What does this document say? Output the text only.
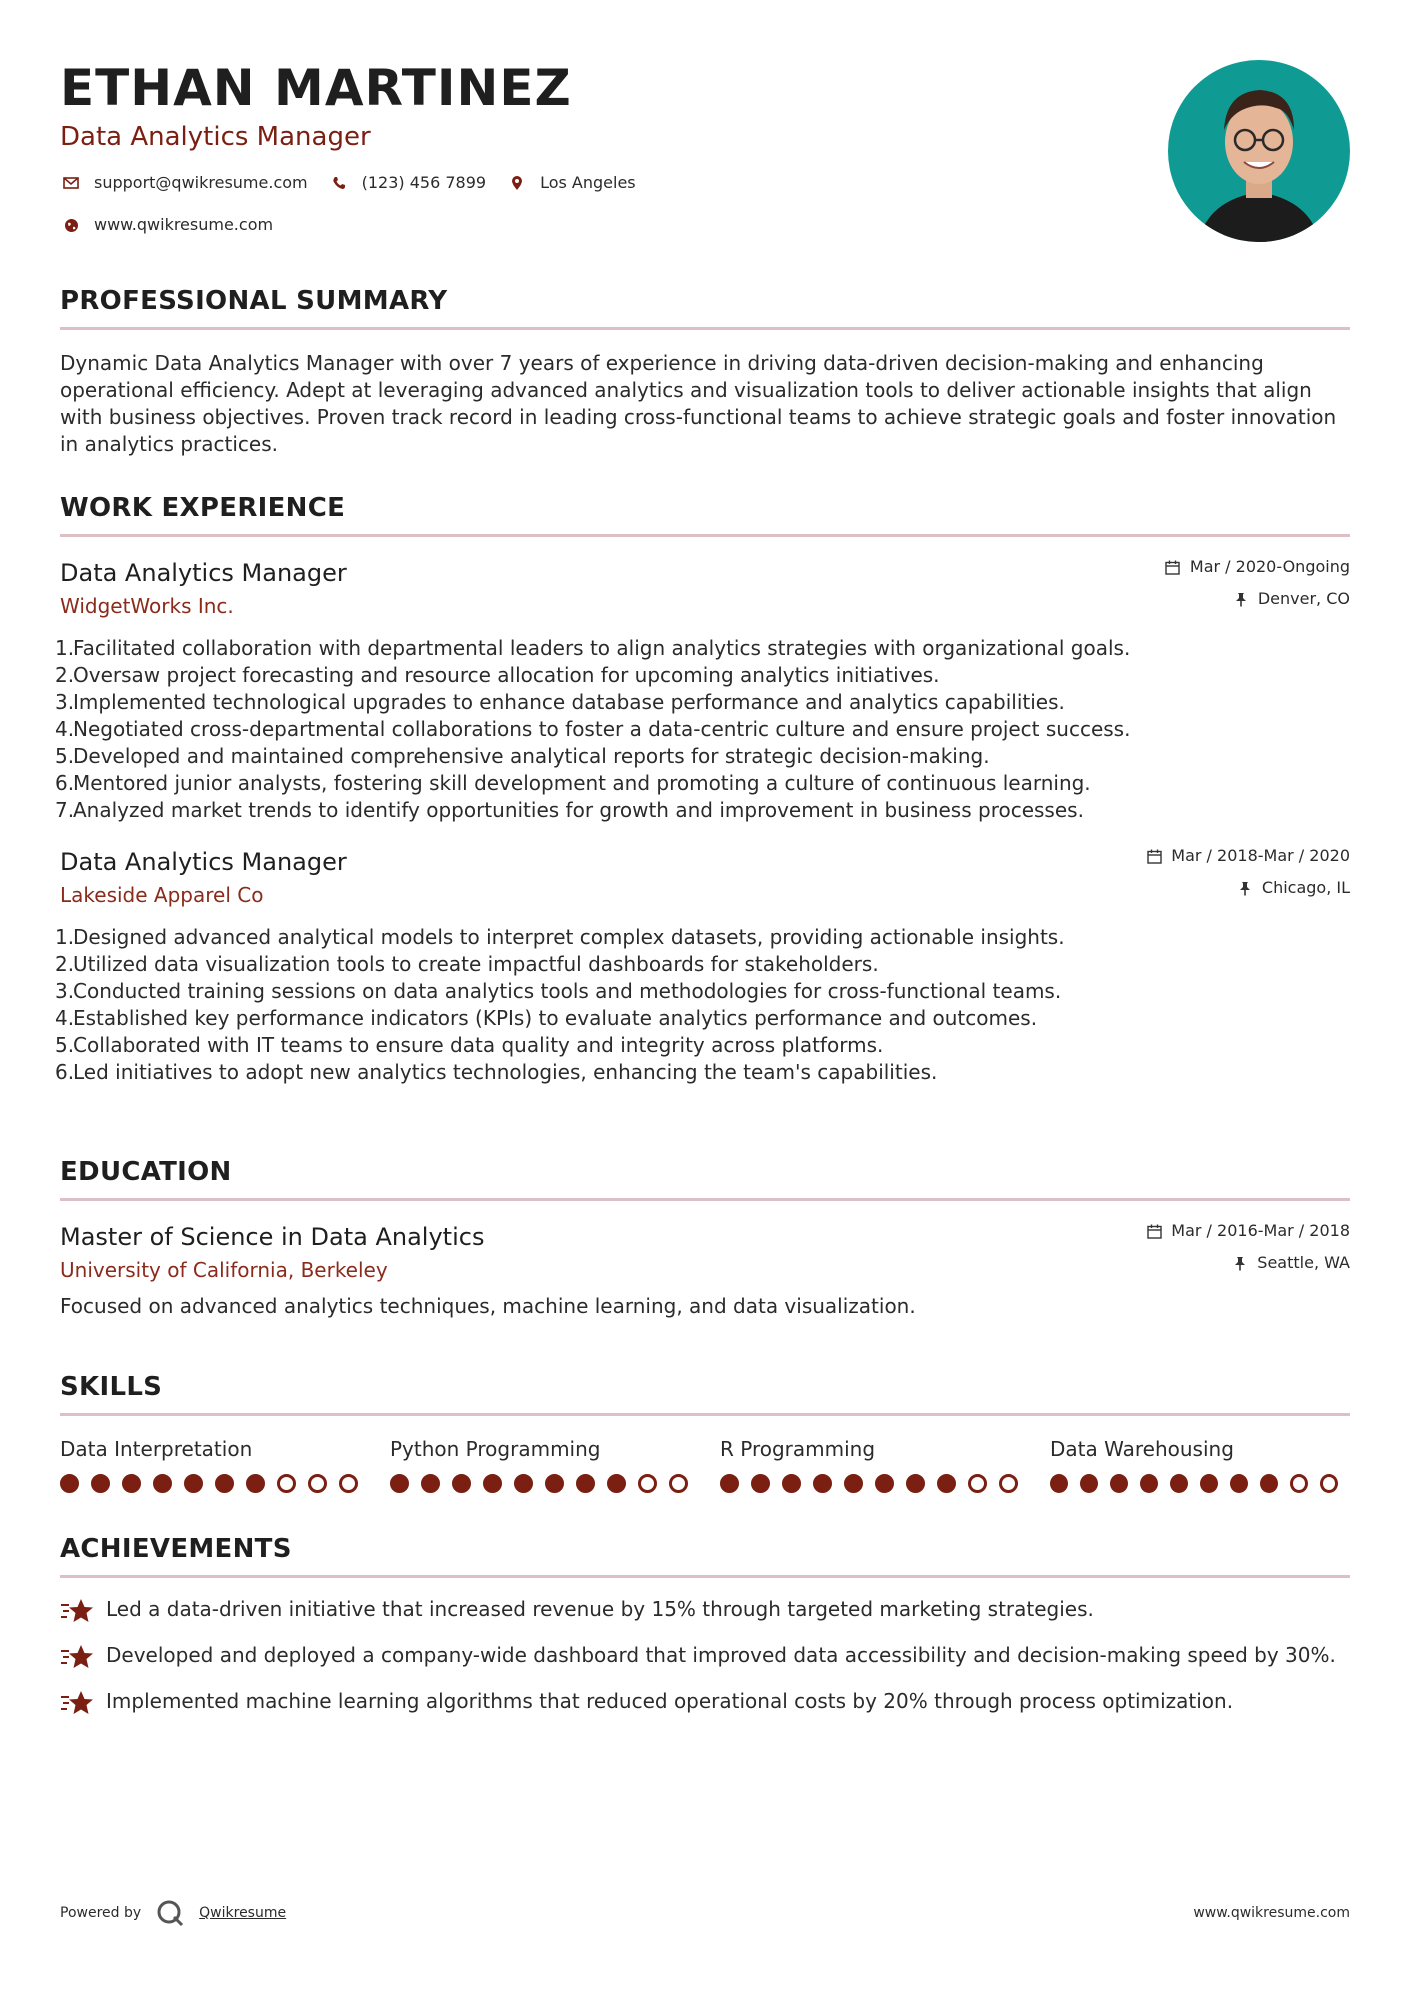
ETHAN MARTINEZ
Data Analytics Manager
support@qwikresume.com	(123) 456 7899	Los Angeles
www.qwikresume.com
PROFESSIONAL SUMMARY
Dynamic Data Analytics Manager with over 7 years of experience in driving data-driven decision-making and enhancing operational efficiency. Adept at leveraging advanced analytics and visualization tools to deliver actionable insights that align with business objectives. Proven track record in leading cross-functional teams to achieve strategic goals and foster innovation in analytics practices.
WORK EXPERIENCE
Data Analytics Manager
WidgetWorks Inc.
Mar / 2020-Ongoing
Denver, CO
1.
Facilitated collaboration with departmental leaders to align analytics strategies with organizational goals.
2.
Oversaw project forecasting and resource allocation for upcoming analytics initiatives.
3.
Implemented technological upgrades to enhance database performance and analytics capabilities.
4.
Negotiated cross-departmental collaborations to foster a data-centric culture and ensure project success.
5.
Developed and maintained comprehensive analytical reports for strategic decision-making.
6.
Mentored junior analysts, fostering skill development and promoting a culture of continuous learning.
7.
Analyzed market trends to identify opportunities for growth and improvement in business processes.
Data Analytics Manager
Lakeside Apparel Co
Mar / 2018-Mar / 2020
Chicago, IL
1.
Designed advanced analytical models to interpret complex datasets, providing actionable insights.
2.
Utilized data visualization tools to create impactful dashboards for stakeholders.
3.
Conducted training sessions on data analytics tools and methodologies for cross-functional teams.
4.
Established key performance indicators (KPIs) to evaluate analytics performance and outcomes.
5.
Collaborated with IT teams to ensure data quality and integrity across platforms.
6.
Led initiatives to adopt new analytics technologies, enhancing the team's capabilities.
EDUCATION
Master of Science in Data Analytics
University of California, Berkeley
Mar / 2016-Mar / 2018
Seattle, WA
Focused on advanced analytics techniques, machine learning, and data visualization.
SKILLS
Data Interpretation	Python Programming	R Programming	Data Warehousing
ACHIEVEMENTS
Led a data-driven initiative that increased revenue by 15% through targeted marketing strategies.
Developed and deployed a company-wide dashboard that improved data accessibility and decision-making speed by 30%.
Implemented machine learning algorithms that reduced operational costs by 20% through process optimization.
Powered by	Qwikresume	www.qwikresume.com
